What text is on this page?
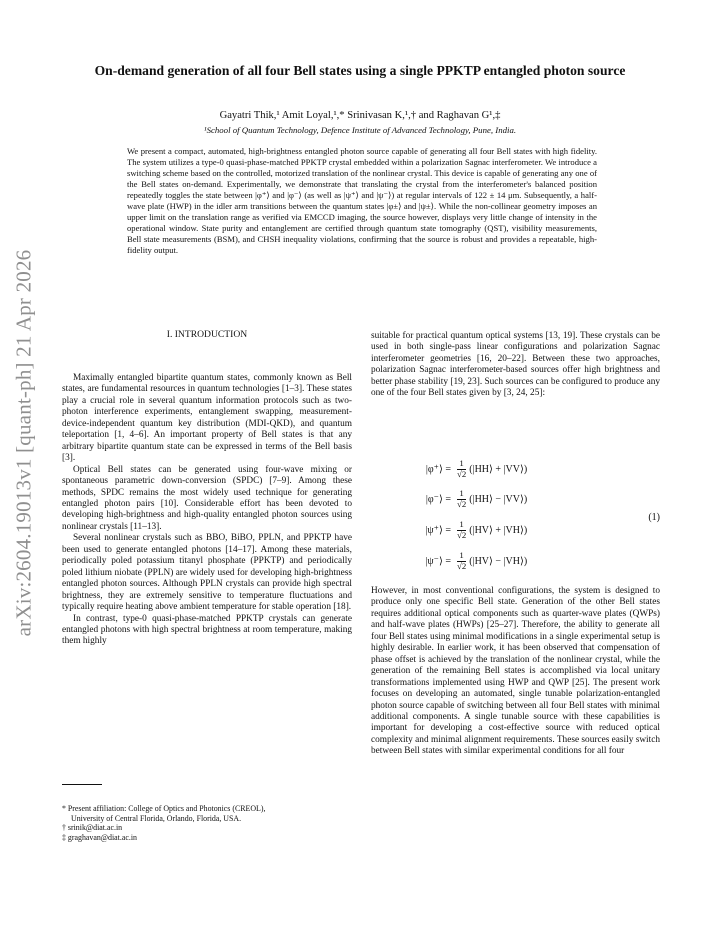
arXiv:2604.19013v1 [quant-ph] 21 Apr 2026
On-demand generation of all four Bell states using a single PPKTP entangled photon source
Gayatri Thik,¹ Amit Loyal,¹,* Srinivasan K,¹,† and Raghavan G¹,‡
¹School of Quantum Technology, Defence Institute of Advanced Technology, Pune, India.
We present a compact, automated, high-brightness entangled photon source capable of generating all four Bell states with high fidelity. The system utilizes a type-0 quasi-phase-matched PPKTP crystal embedded within a polarization Sagnac interferometer. We introduce a switching scheme based on the controlled, motorized translation of the nonlinear crystal. This device is capable of generating any one of the Bell states on-demand. Experimentally, we demonstrate that translating the crystal from the interferometer's balanced position repeatedly toggles the state between |φ⁺⟩ and |φ⁻⟩ (as well as |ψ⁺⟩ and |ψ⁻⟩) at regular intervals of 122 ± 14 μm. Subsequently, a half-wave plate (HWP) in the idler arm transitions between the quantum states |φ±⟩ and |ψ±⟩. While the non-collinear geometry imposes an upper limit on the translation range as verified via EMCCD imaging, the source however, displays very little change of intensity in the operational window. State purity and entanglement are certified through quantum state tomography (QST), visibility measurements, Bell state measurements (BSM), and CHSH inequality violations, confirming that the source is robust and provides a repeatable, high-fidelity output.
I. INTRODUCTION

Maximally entangled bipartite quantum states, commonly known as Bell states, are fundamental resources in quantum technologies [1–3]. These states play a crucial role in several quantum information protocols such as two-photon interference experiments, entanglement swapping, measurement-device-independent quantum key distribution (MDI-QKD), and quantum teleportation [1, 4–6]. An important property of Bell states is that any arbitrary bipartite quantum state can be expressed in terms of the Bell basis [3].

Optical Bell states can be generated using four-wave mixing or spontaneous parametric down-conversion (SPDC) [7–9]. Among these methods, SPDC remains the most widely used technique for generating entangled photon pairs [10]. Considerable effort has been devoted to developing high-brightness and high-quality entangled photon sources using nonlinear crystals [11–13].

Several nonlinear crystals such as BBO, BiBO, PPLN, and PPKTP have been used to generate entangled photons [14–17]. Among these materials, periodically poled potassium titanyl phosphate (PPKTP) and periodically poled lithium niobate (PPLN) are widely used for developing high-brightness entangled photon sources. Although PPLN crystals can provide high spectral brightness, they are extremely sensitive to temperature fluctuations and typically require heating above ambient temperature for stable operation [18].

In contrast, type-0 quasi-phase-matched PPKTP crystals can generate entangled photons with high spectral brightness at room temperature, making them highly

suitable for practical quantum optical systems [13, 19]. These crystals can be used in both single-pass linear configurations and polarization Sagnac interferometer geometries [16, 20–22]. Between these two approaches, polarization Sagnac interferometer-based sources offer high brightness and better phase stability [19, 23]. Such sources can be configured to produce any one of the four Bell states given by [3, 24, 25]:

|φ⁺⟩ = $\frac{1}{√2}$ (|HH⟩ + |VV⟩)
|φ⁻⟩ = $\frac{1}{√2}$ (|HH⟩ − |VV⟩)
|ψ⁺⟩ = $\frac{1}{√2}$ (|HV⟩ + |VH⟩)
|ψ⁻⟩ = $\frac{1}{√2}$ (|HV⟩ − |VH⟩)
(1)

However, in most conventional configurations, the system is designed to produce only one specific Bell state. Generation of the other Bell states requires additional optical components such as quarter-wave plates (QWPs) and half-wave plates (HWPs) [25–27]. Therefore, the ability to generate all four Bell states using minimal modifications in a single experimental setup is highly desirable. In earlier work, it has been observed that compensation of phase offset is achieved by the translation of the nonlinear crystal, while the generation of the remaining Bell states is accomplished via local unitary transformations implemented using HWP and QWP [25]. The present work focuses on developing an automated, single tunable polarization-entangled photon source capable of switching between all four Bell states with minimal additional components. A single tunable source with these capabilities is important for developing a cost-effective source with reduced optical complexity and minimal alignment requirements. These sources easily switch between Bell states with similar experimental conditions for all four

* Present affiliation: College of Optics and Photonics (CREOL),
University of Central Florida, Orlando, Florida, USA.
† srinik@diat.ac.in
‡ graghavan@diat.ac.in
